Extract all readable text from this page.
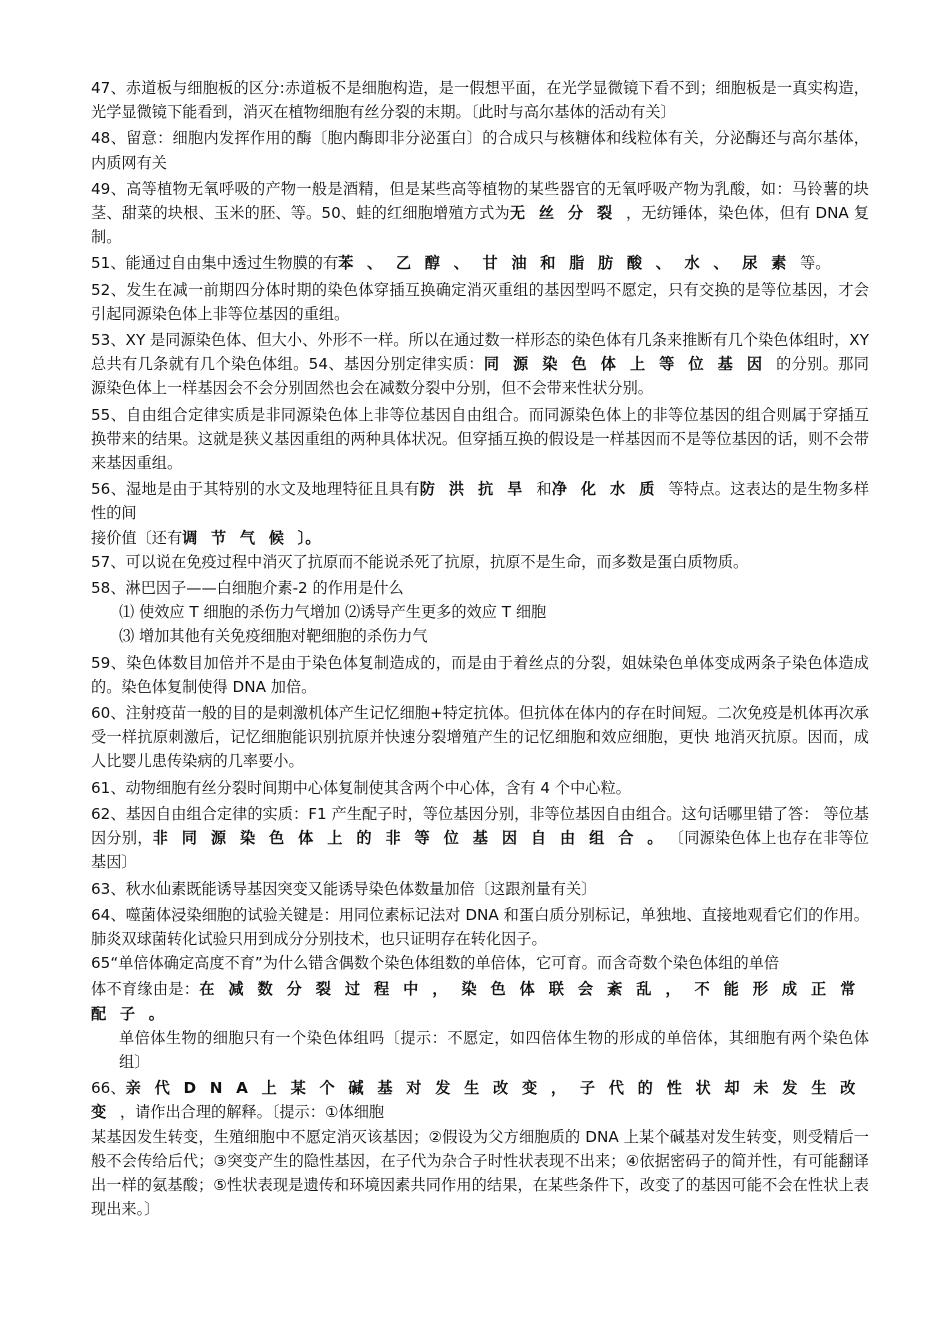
47、赤道板与细胞板的区分:赤道板不是细胞构造，是一假想平面，在光学显微镜下看不到；细胞板是一真实构造，光学显微镜下能看到，消灭在植物细胞有丝分裂的末期。〔此时与高尔基体的活动有关〕

48、留意：细胞内发挥作用的酶〔胞内酶即非分泌蛋白〕的合成只与核糖体和线粒体有关，分泌酶还与高尔基体，内质网有关

49、高等植物无氧呼吸的产物一般是酒精，但是某些高等植物的某些器官的无氧呼吸产物为乳酸，如：马铃薯的块茎、甜菜的块根、玉米的胚、等。50、蛙的红细胞增殖方式为无丝分裂，无纺锤体，染色体，但有 DNA 复制。

51、能通过自由集中透过生物膜的有苯、乙醇、甘油和脂肪酸、水、尿素等。

52、发生在减一前期四分体时期的染色体穿插互换确定消灭重组的基因型吗不愿定，只有交换的是等位基因，才会引起同源染色体上非等位基因的重组。

53、XY 是同源染色体、但大小、外形不一样。所以在通过数一样形态的染色体有几条来推断有几个染色体组时，XY 总共有几条就有几个染色体组。54、基因分别定律实质：同源染色体上等位基因的分别。那同源染色体上一样基因会不会分别固然也会在减数分裂中分别，但不会带来性状分别。

55、自由组合定律实质是非同源染色体上非等位基因自由组合。而同源染色体上的非等位基因的组合则属于穿插互换带来的结果。这就是狭义基因重组的两种具体状况。但穿插互换的假设是一样基因而不是等位基因的话，则不会带来基因重组。

56、湿地是由于其特别的水文及地理特征且具有防洪抗旱和净化水质等特点。这表达的是生物多样性的间

接价值〔还有调节气候〕。

57、可以说在免疫过程中消灭了抗原而不能说杀死了抗原，抗原不是生命，而多数是蛋白质物质。

58、淋巴因子——白细胞介素-2 的作用是什么

⑴ 使效应 T 细胞的杀伤力气增加 ⑵诱导产生更多的效应 T 细胞

⑶ 增加其他有关免疫细胞对靶细胞的杀伤力气

59、染色体数目加倍并不是由于染色体复制造成的，而是由于着丝点的分裂，姐妹染色单体变成两条子染色体造成的。染色体复制使得 DNA 加倍。

60、注射疫苗一般的目的是刺激机体产生记忆细胞+特定抗体。但抗体在体内的存在时间短。二次免疫是机体再次承受一样抗原刺激后，记忆细胞能识别抗原并快速分裂增殖产生的记忆细胞和效应细胞，更快 地消灭抗原。因而，成人比婴儿患传染病的几率要小。

61、动物细胞有丝分裂时间期中心体复制使其含两个中心体，含有 4 个中心粒。

62、基因自由组合定律的实质：F1 产生配子时，等位基因分别，非等位基因自由组合。这句话哪里错了答： 等位基因分别，非同源染色体上的非等位基因自由组合。〔同源染色体上也存在非等位基因〕

63、秋水仙素既能诱导基因突变又能诱导染色体数量加倍〔这跟剂量有关〕

64、噬菌体浸染细胞的试验关键是：用同位素标记法对 DNA 和蛋白质分别标记，单独地、直接地观看它们的作用。肺炎双球菌转化试验只用到成分分别技术，也只证明存在转化因子。

65“单倍体确定高度不育”为什么错含偶数个染色体组数的单倍体，它可育。而含奇数个染色体组的单倍

体不育缘由是：在减数分裂过程中，染色体联会紊乱，不能形成正常配子。

单倍体生物的细胞只有一个染色体组吗〔提示：不愿定，如四倍体生物的形成的单倍体，其细胞有两个染色体组〕

66、亲代DNA上某个碱基对发生改变，子代的性状却未发生改变，请作出合理的解释。〔提示：①体细胞

某基因发生转变，生殖细胞中不愿定消灭该基因；②假设为父方细胞质的 DNA 上某个碱基对发生转变，则受精后一般不会传给后代；③突变产生的隐性基因，在子代为杂合子时性状表现不出来；④依据密码子的简并性，有可能翻译出一样的氨基酸；⑤性状表现是遗传和环境因素共同作用的结果，在某些条件下，改变了的基因可能不会在性状上表现出来。〕
